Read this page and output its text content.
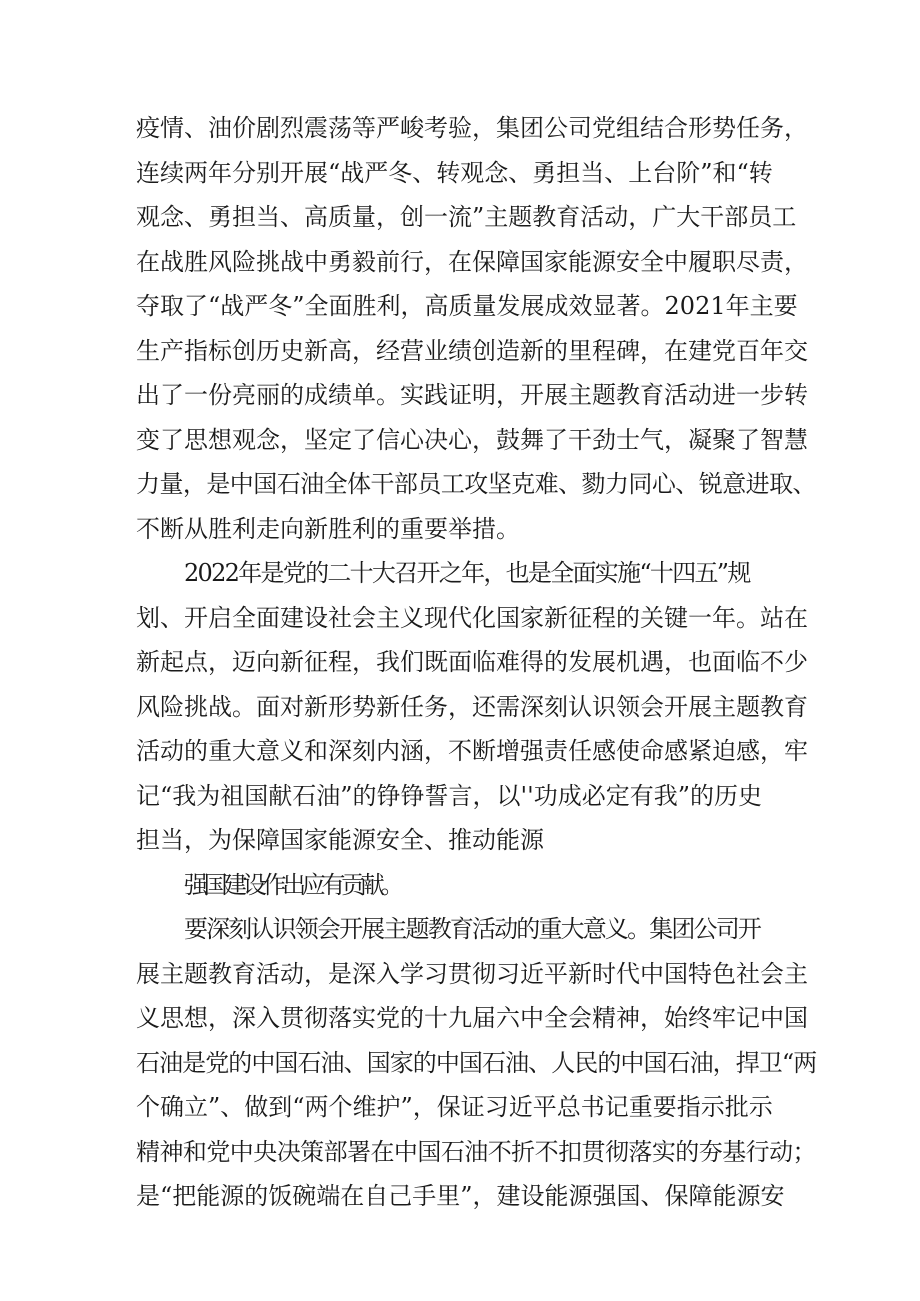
疫情、油价剧烈震荡等严峻考验，集团公司党组结合形势任务，
连续两年分别开展“战严冬、转观念、勇担当、上台阶”和“转
观念、勇担当、高质量，创一流”主题教育活动，广大干部员工
在战胜风险挑战中勇毅前行，在保障国家能源安全中履职尽责，
夺取了“战严冬”全面胜利，高质量发展成效显著。2021年主要
生产指标创历史新高，经营业绩创造新的里程碑，在建党百年交
出了一份亮丽的成绩单。实践证明，开展主题教育活动进一步转
变了思想观念，坚定了信心决心，鼓舞了干劲士气，凝聚了智慧
力量，是中国石油全体干部员工攻坚克难、勠力同心、锐意进取、
不断从胜利走向新胜利的重要举措。
2022年是党的二十大召开之年，也是全面实施“十四五”规
划、开启全面建设社会主义现代化国家新征程的关键一年。站在
新起点，迈向新征程，我们既面临难得的发展机遇，也面临不少
风险挑战。面对新形势新任务，还需深刻认识领会开展主题教育
活动的重大意义和深刻内涵，不断增强责任感使命感紧迫感，牢
记“我为祖国献石油”的铮铮誓言，以''功成必定有我”的历史
担当，为保障国家能源安全、推动能源
强国建设作出应有贡献。
要深刻认识领会开展主题教育活动的重大意义。集团公司开
展主题教育活动，是深入学习贯彻习近平新时代中国特色社会主
义思想，深入贯彻落实党的十九届六中全会精神，始终牢记中国
石油是党的中国石油、国家的中国石油、人民的中国石油，捍卫“两
个确立”、做到“两个维护”，保证习近平总书记重要指示批示
精神和党中央决策部署在中国石油不折不扣贯彻落实的夯基行动；
是“把能源的饭碗端在自己手里”，建设能源强国、保障能源安
